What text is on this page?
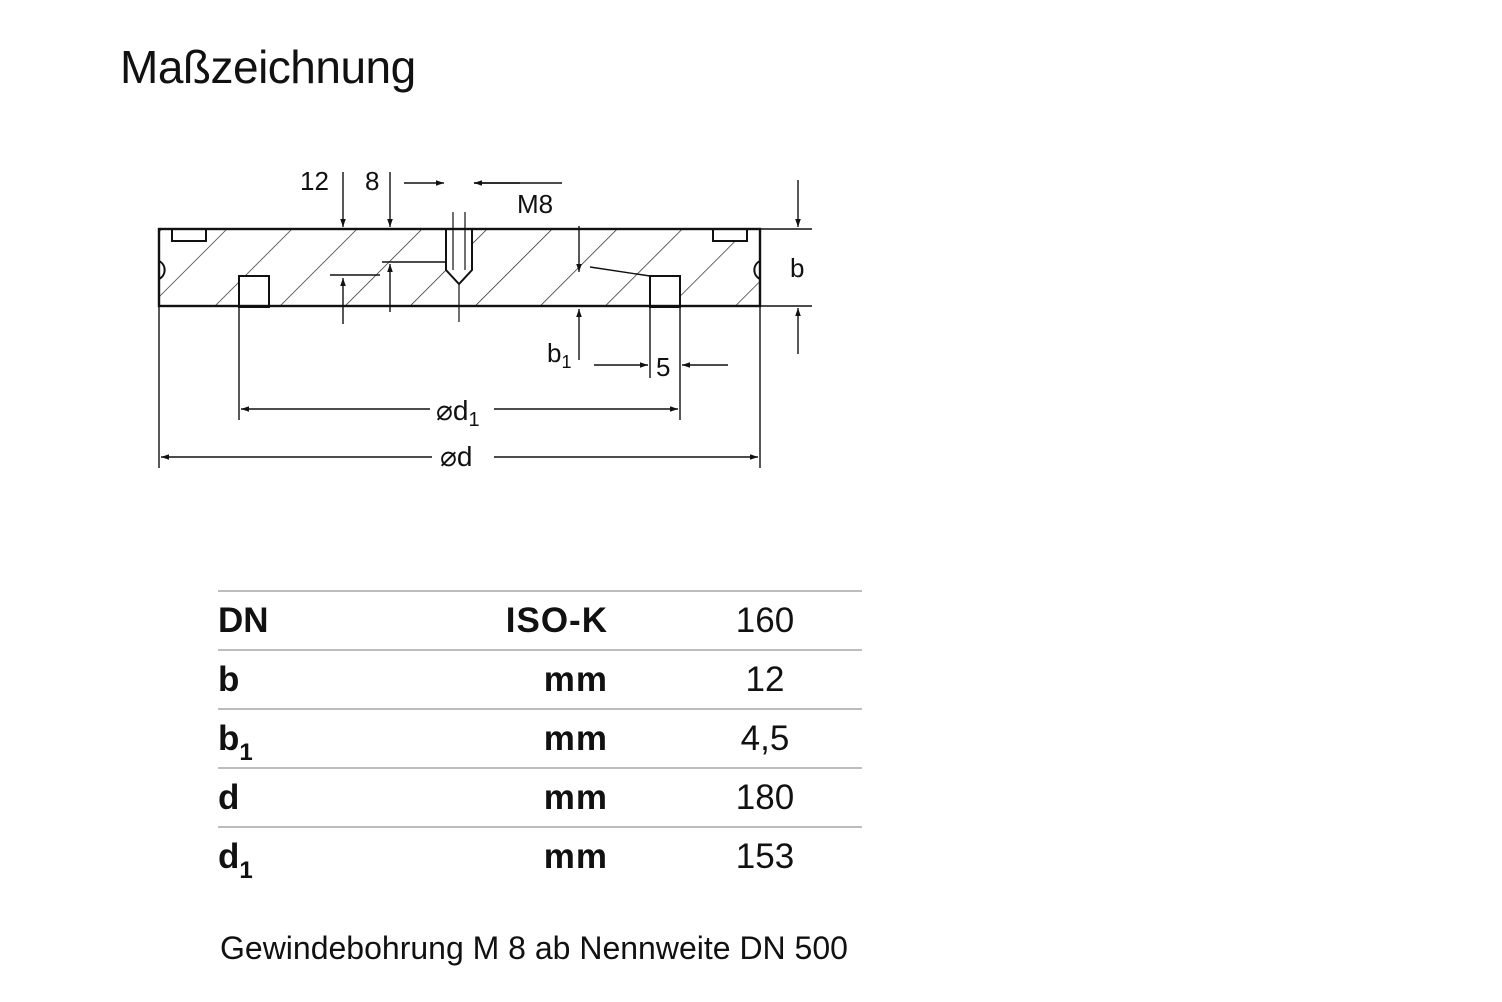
Maßzeichnung
12 8
M8
b
$b_1$	5
$⌀d_1$
⌀d
DN	ISO-K	160
b	mm	12
$b_1$	mm	4,5
d	mm	180
$d_1$	mm	153
Gewindebohrung M 8 ab Nennweite DN 500
